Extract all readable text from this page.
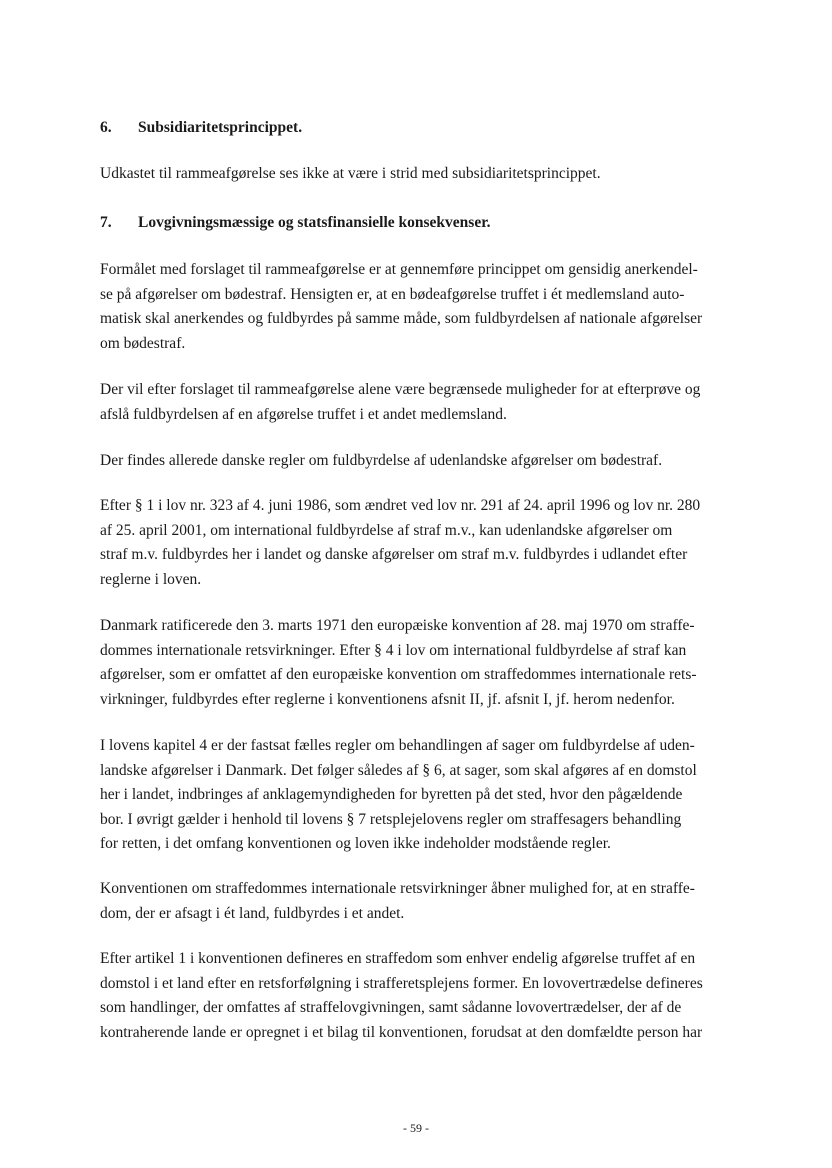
6. Subsidiaritetsprincippet.
Udkastet til rammeafgørelse ses ikke at være i strid med subsidiaritetsprincippet.
7. Lovgivningsmæssige og statsfinansielle konsekvenser.
Formålet med forslaget til rammeafgørelse er at gennemføre princippet om gensidig anerkendel-
se på afgørelser om bødestraf. Hensigten er, at en bødeafgørelse truffet i ét medlemsland auto-
matisk skal anerkendes og fuldbyrdes på samme måde, som fuldbyrdelsen af nationale afgørelser
om bødestraf.
Der vil efter forslaget til rammeafgørelse alene være begrænsede muligheder for at efterprøve og
afslå fuldbyrdelsen af en afgørelse truffet i et andet medlemsland.
Der findes allerede danske regler om fuldbyrdelse af udenlandske afgørelser om bødestraf.
Efter § 1 i lov nr. 323 af 4. juni 1986, som ændret ved lov nr. 291 af 24. april 1996 og lov nr. 280
af 25. april 2001, om international fuldbyrdelse af straf m.v., kan udenlandske afgørelser om
straf m.v. fuldbyrdes her i landet og danske afgørelser om straf m.v. fuldbyrdes i udlandet efter
reglerne i loven.
Danmark ratificerede den 3. marts 1971 den europæiske konvention af 28. maj 1970 om straffe-
dommes internationale retsvirkninger. Efter § 4 i lov om international fuldbyrdelse af straf kan
afgørelser, som er omfattet af den europæiske konvention om straffedommes internationale rets-
virkninger, fuldbyrdes efter reglerne i konventionens afsnit II, jf. afsnit I, jf. herom nedenfor.
I lovens kapitel 4 er der fastsat fælles regler om behandlingen af sager om fuldbyrdelse af uden-
landske afgørelser i Danmark. Det følger således af § 6, at sager, som skal afgøres af en domstol
her i landet, indbringes af anklagemyndigheden for byretten på det sted, hvor den pågældende
bor. I øvrigt gælder i henhold til lovens § 7 retsplejelovens regler om straffesagers behandling
for retten, i det omfang konventionen og loven ikke indeholder modstående regler.
Konventionen om straffedommes internationale retsvirkninger åbner mulighed for, at en straffe-
dom, der er afsagt i ét land, fuldbyrdes i et andet.
Efter artikel 1 i konventionen defineres en straffedom som enhver endelig afgørelse truffet af en
domstol i et land efter en retsforfølgning i strafferetsplejens former. En lovovertrædelse defineres
som handlinger, der omfattes af straffelovgivningen, samt sådanne lovovertrædelser, der af de
kontraherende lande er opregnet i et bilag til konventionen, forudsat at den domfældte person har
- 59 -
